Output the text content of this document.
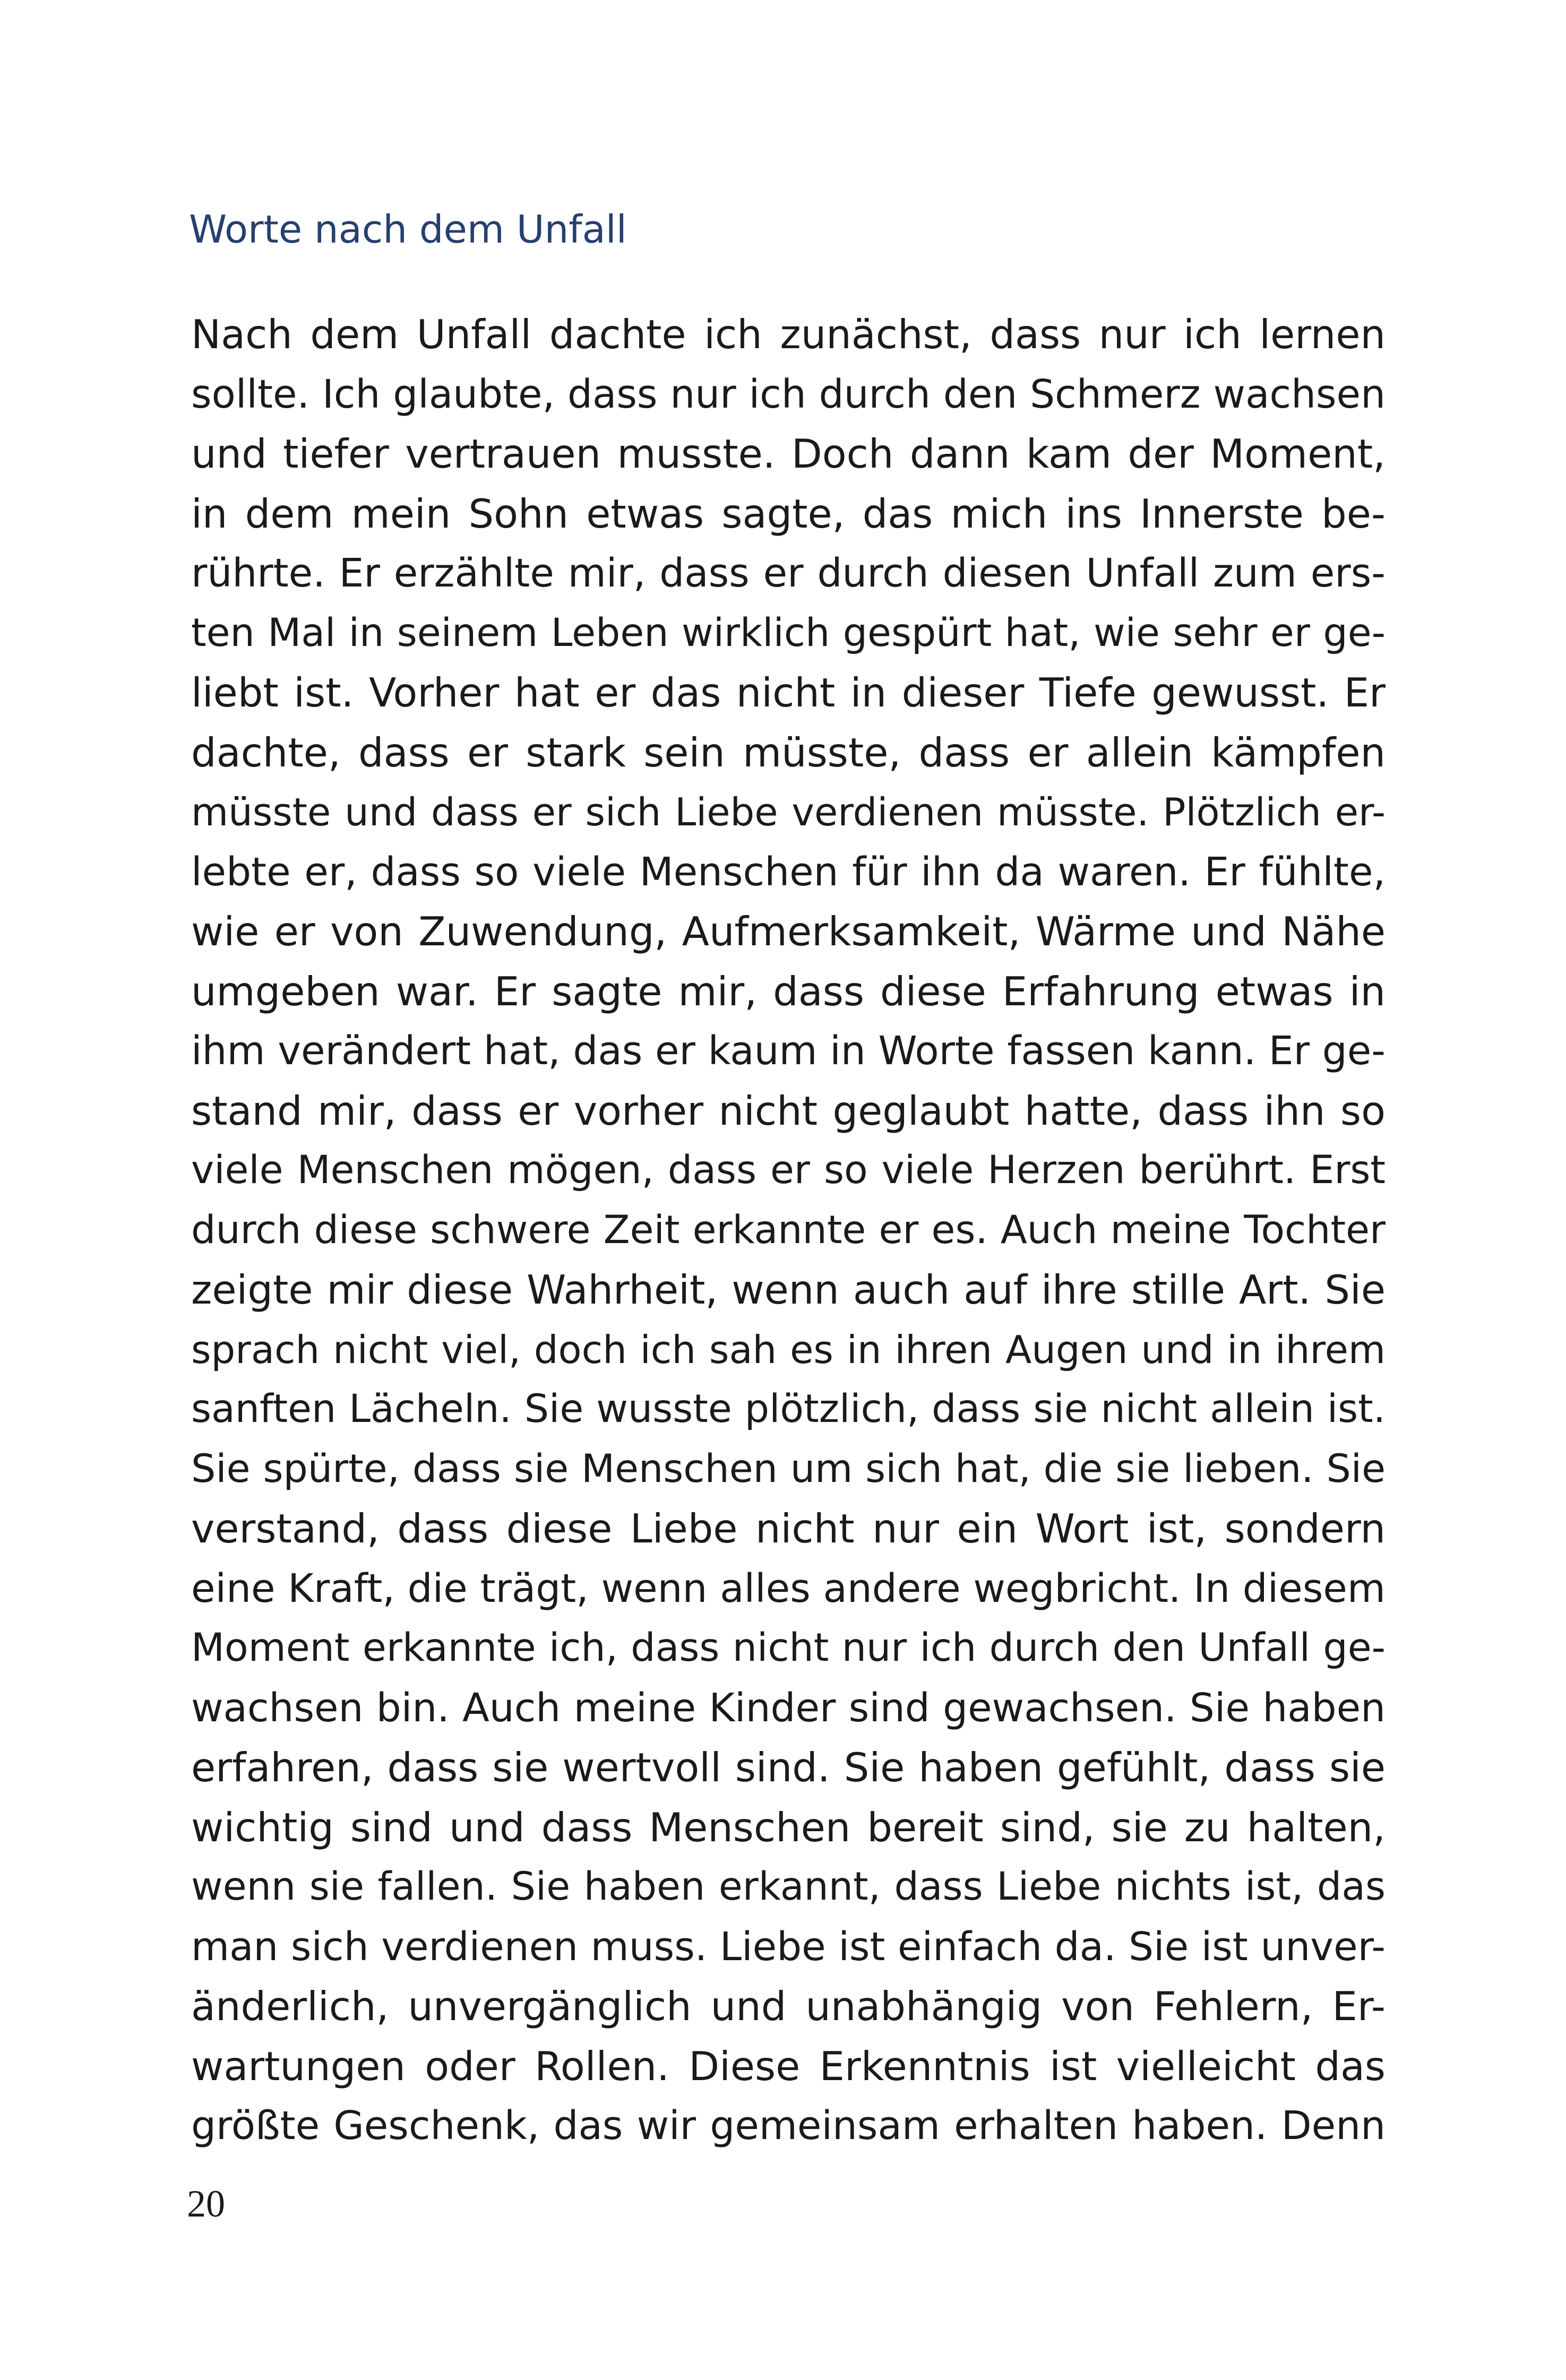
Worte nach dem Unfall
Nach dem Unfall dachte ich zunächst, dass nur ich lernen
sollte. Ich glaubte, dass nur ich durch den Schmerz wachsen
und tiefer vertrauen musste. Doch dann kam der Moment,
in dem mein Sohn etwas sagte, das mich ins Innerste be-
rührte. Er erzählte mir, dass er durch diesen Unfall zum ers-
ten Mal in seinem Leben wirklich gespürt hat, wie sehr er ge-
liebt ist. Vorher hat er das nicht in dieser Tiefe gewusst. Er
dachte, dass er stark sein müsste, dass er allein kämpfen
müsste und dass er sich Liebe verdienen müsste. Plötzlich er-
lebte er, dass so viele Menschen für ihn da waren. Er fühlte,
wie er von Zuwendung, Aufmerksamkeit, Wärme und Nähe
umgeben war. Er sagte mir, dass diese Erfahrung etwas in
ihm verändert hat, das er kaum in Worte fassen kann. Er ge-
stand mir, dass er vorher nicht geglaubt hatte, dass ihn so
viele Menschen mögen, dass er so viele Herzen berührt. Erst
durch diese schwere Zeit erkannte er es. Auch meine Tochter
zeigte mir diese Wahrheit, wenn auch auf ihre stille Art. Sie
sprach nicht viel, doch ich sah es in ihren Augen und in ihrem
sanften Lächeln. Sie wusste plötzlich, dass sie nicht allein ist.
Sie spürte, dass sie Menschen um sich hat, die sie lieben. Sie
verstand, dass diese Liebe nicht nur ein Wort ist, sondern
eine Kraft, die trägt, wenn alles andere wegbricht. In diesem
Moment erkannte ich, dass nicht nur ich durch den Unfall ge-
wachsen bin. Auch meine Kinder sind gewachsen. Sie haben
erfahren, dass sie wertvoll sind. Sie haben gefühlt, dass sie
wichtig sind und dass Menschen bereit sind, sie zu halten,
wenn sie fallen. Sie haben erkannt, dass Liebe nichts ist, das
man sich verdienen muss. Liebe ist einfach da. Sie ist unver-
änderlich, unvergänglich und unabhängig von Fehlern, Er-
wartungen oder Rollen. Diese Erkenntnis ist vielleicht das
größte Geschenk, das wir gemeinsam erhalten haben. Denn
20
